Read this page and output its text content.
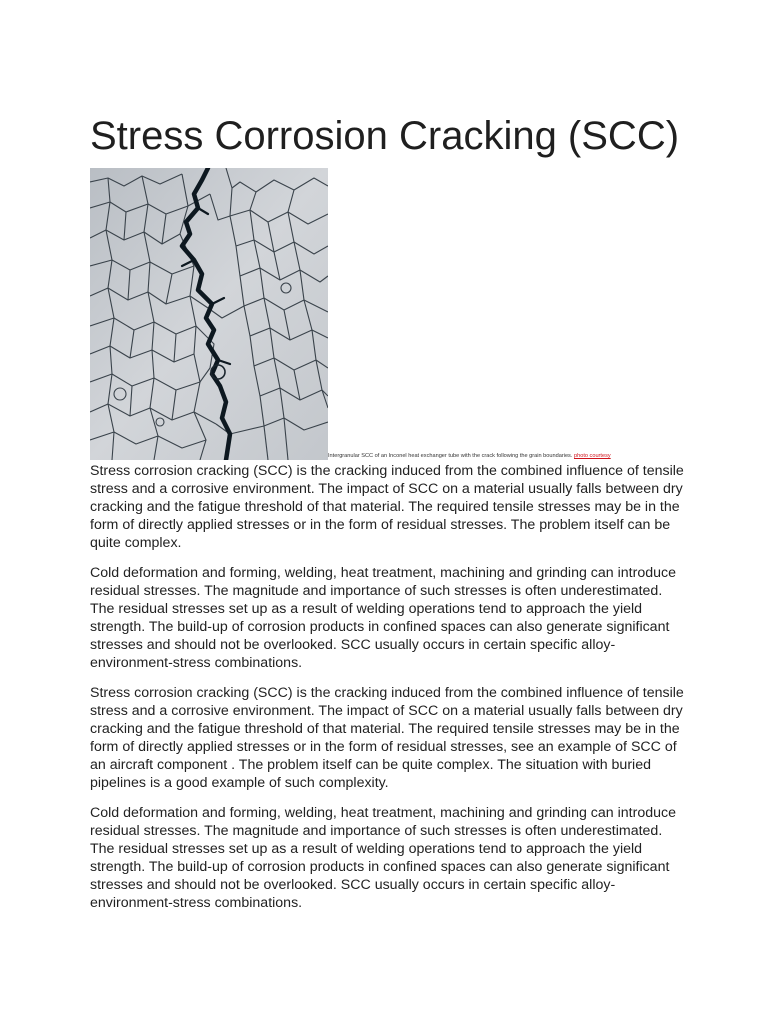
Stress Corrosion Cracking (SCC)
Intergranular SCC of an Inconel heat exchanger tube with the crack following the grain boundaries. photo courtesy

Stress corrosion cracking (SCC) is the cracking induced from the combined influence of tensile stress and a corrosive environment. The impact of SCC on a material usually falls between dry cracking and the fatigue threshold of that material. The required tensile stresses may be in the form of directly applied stresses or in the form of residual stresses. The problem itself can be quite complex.

Cold deformation and forming, welding, heat treatment, machining and grinding can introduce residual stresses. The magnitude and importance of such stresses is often underestimated. The residual stresses set up as a result of welding operations tend to approach the yield strength. The build-up of corrosion products in confined spaces can also generate significant stresses and should not be overlooked. SCC usually occurs in certain specific alloy-environment-stress combinations.

Stress corrosion cracking (SCC) is the cracking induced from the combined influence of tensile stress and a corrosive environment. The impact of SCC on a material usually falls between dry cracking and the fatigue threshold of that material. The required tensile stresses may be in the form of directly applied stresses or in the form of residual stresses, see an example of SCC of an aircraft component . The problem itself can be quite complex. The situation with buried pipelines is a good example of such complexity.

Cold deformation and forming, welding, heat treatment, machining and grinding can introduce residual stresses. The magnitude and importance of such stresses is often underestimated. The residual stresses set up as a result of welding operations tend to approach the yield strength. The build-up of corrosion products in confined spaces can also generate significant stresses and should not be overlooked. SCC usually occurs in certain specific alloy-environment-stress combinations.
